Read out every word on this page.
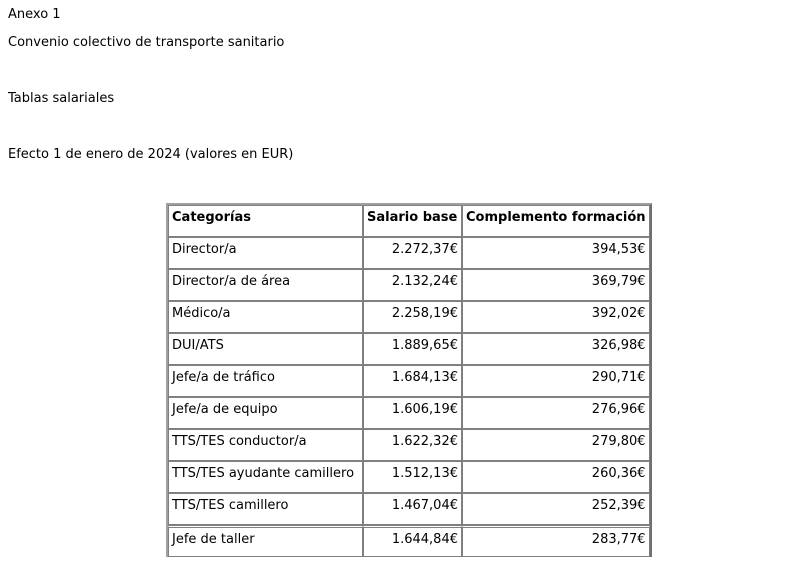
Anexo 1
Convenio colectivo de transporte sanitario
Tablas salariales
Efecto 1 de enero de 2024 (valores en EUR)
Categorías	Salario base	Complemento formación
Director/a	2.272,37€	394,53€
Director/a de área	2.132,24€	369,79€
Médico/a	2.258,19€	392,02€
DUI/ATS	1.889,65€	326,98€
Jefe/a de tráfico	1.684,13€	290,71€
Jefe/a de equipo	1.606,19€	276,96€
TTS/TES conductor/a	1.622,32€	279,80€
TTS/TES ayudante camillero	1.512,13€	260,36€
TTS/TES camillero	1.467,04€	252,39€
Jefe de taller	1.644,84€	283,77€
